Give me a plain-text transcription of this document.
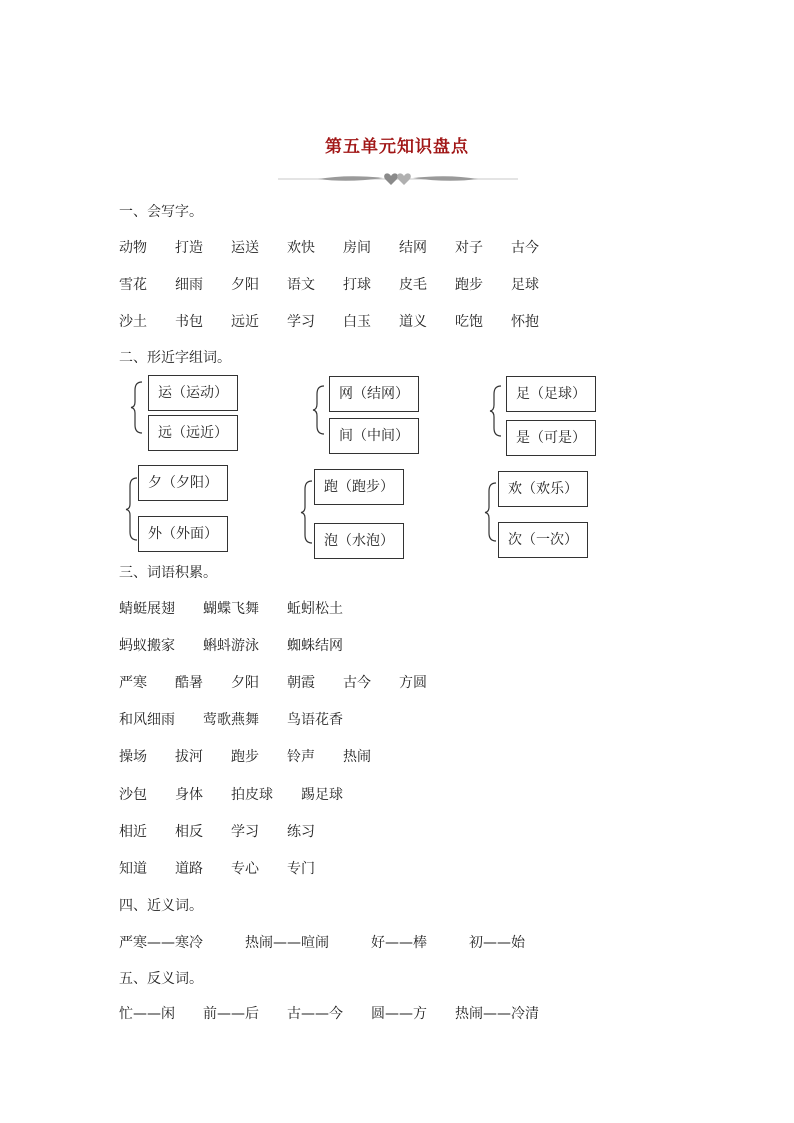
第五单元知识盘点
一、会写字。
动物 打造 运送 欢快 房间 结网 对子 古今
雪花 细雨 夕阳 语文 打球 皮毛 跑步 足球
沙土 书包 远近 学习 白玉 道义 吃饱 怀抱
二、形近字组词。
运（运动）
远（远近）
网（结网）
间（中间）
足（足球）
是（可是）
夕（夕阳）
外（外面）
跑（跑步）
泡（水泡）
欢（欢乐）
次（一次）
三、词语积累。
蜻蜓展翅 蝴蝶飞舞 蚯蚓松土
蚂蚁搬家 蝌蚪游泳 蜘蛛结网
严寒 酷暑 夕阳 朝霞 古今 方圆
和风细雨 莺歌燕舞 鸟语花香
操场 拔河 跑步 铃声 热闹
沙包 身体 拍皮球 踢足球
相近 相反 学习 练习
知道 道路 专心 专门
四、近义词。
严寒——寒冷	热闹——喧闹	好——棒	初——始
五、反义词。
忙——闲 前——后 古——今 圆——方 热闹——冷清
